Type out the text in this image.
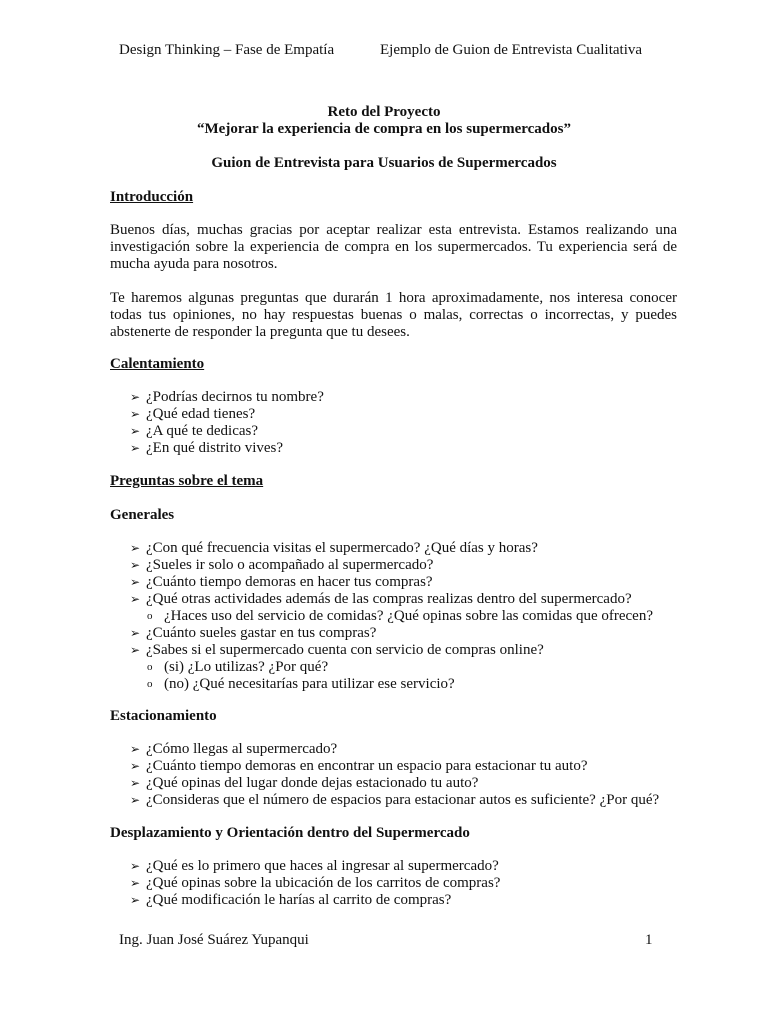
Design Thinking – Fase de Empatía	Ejemplo de Guion de Entrevista Cualitativa
Reto del Proyecto
“Mejorar la experiencia de compra en los supermercados”
Guion de Entrevista para Usuarios de Supermercados
Introducción
Buenos días, muchas gracias por aceptar realizar esta entrevista. Estamos realizando una investigación sobre la experiencia de compra en los supermercados. Tu experiencia será de mucha ayuda para nosotros.
Te haremos algunas preguntas que durarán 1 hora aproximadamente, nos interesa conocer todas tus opiniones, no hay respuestas buenas o malas, correctas o incorrectas, y puedes abstenerte de responder la pregunta que tu desees.
Calentamiento
➢ ¿Podrías decirnos tu nombre?
➢ ¿Qué edad tienes?
➢ ¿A qué te dedicas?
➢ ¿En qué distrito vives?
Preguntas sobre el tema
Generales
➢ ¿Con qué frecuencia visitas el supermercado? ¿Qué días y horas?
➢ ¿Sueles ir solo o acompañado al supermercado?
➢ ¿Cuánto tiempo demoras en hacer tus compras?
➢ ¿Qué otras actividades además de las compras realizas dentro del supermercado?
o ¿Haces uso del servicio de comidas? ¿Qué opinas sobre las comidas que ofrecen?
➢ ¿Cuánto sueles gastar en tus compras?
➢ ¿Sabes si el supermercado cuenta con servicio de compras online?
o (si) ¿Lo utilizas? ¿Por qué?
o (no) ¿Qué necesitarías para utilizar ese servicio?
Estacionamiento
➢ ¿Cómo llegas al supermercado?
➢ ¿Cuánto tiempo demoras en encontrar un espacio para estacionar tu auto?
➢ ¿Qué opinas del lugar donde dejas estacionado tu auto?
➢ ¿Consideras que el número de espacios para estacionar autos es suficiente? ¿Por qué?
Desplazamiento y Orientación dentro del Supermercado
➢ ¿Qué es lo primero que haces al ingresar al supermercado?
➢ ¿Qué opinas sobre la ubicación de los carritos de compras?
➢ ¿Qué modificación le harías al carrito de compras?
Ing. Juan José Suárez Yupanqui	1
